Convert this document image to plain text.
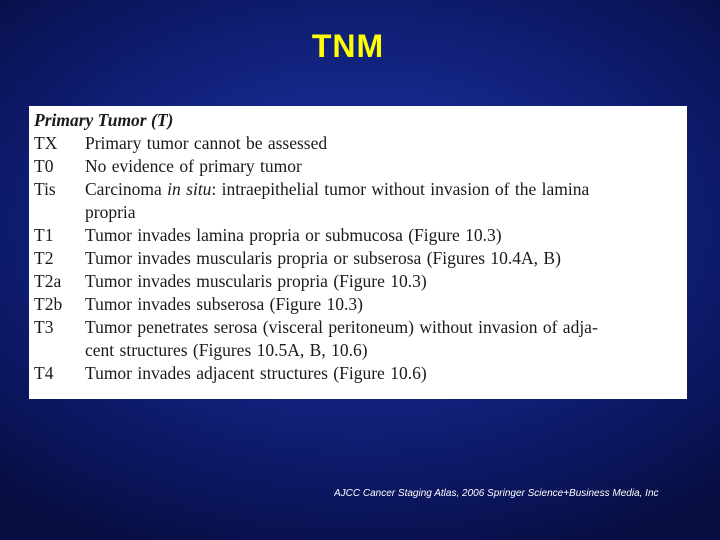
TNM
Primary Tumor (T)
TX	Primary tumor cannot be assessed
T0	No evidence of primary tumor
Tis	Carcinoma in situ: intraepithelial tumor without invasion of the lamina
propria
T1	Tumor invades lamina propria or submucosa (Figure 10.3)
T2	Tumor invades muscularis propria or subserosa (Figures 10.4A, B)
T2a	Tumor invades muscularis propria (Figure 10.3)
T2b	Tumor invades subserosa (Figure 10.3)
T3	Tumor penetrates serosa (visceral peritoneum) without invasion of adja-
cent structures (Figures 10.5A, B, 10.6)
T4	Tumor invades adjacent structures (Figure 10.6)
AJCC Cancer Staging Atlas, 2006 Springer Science+Business Media, Inc
